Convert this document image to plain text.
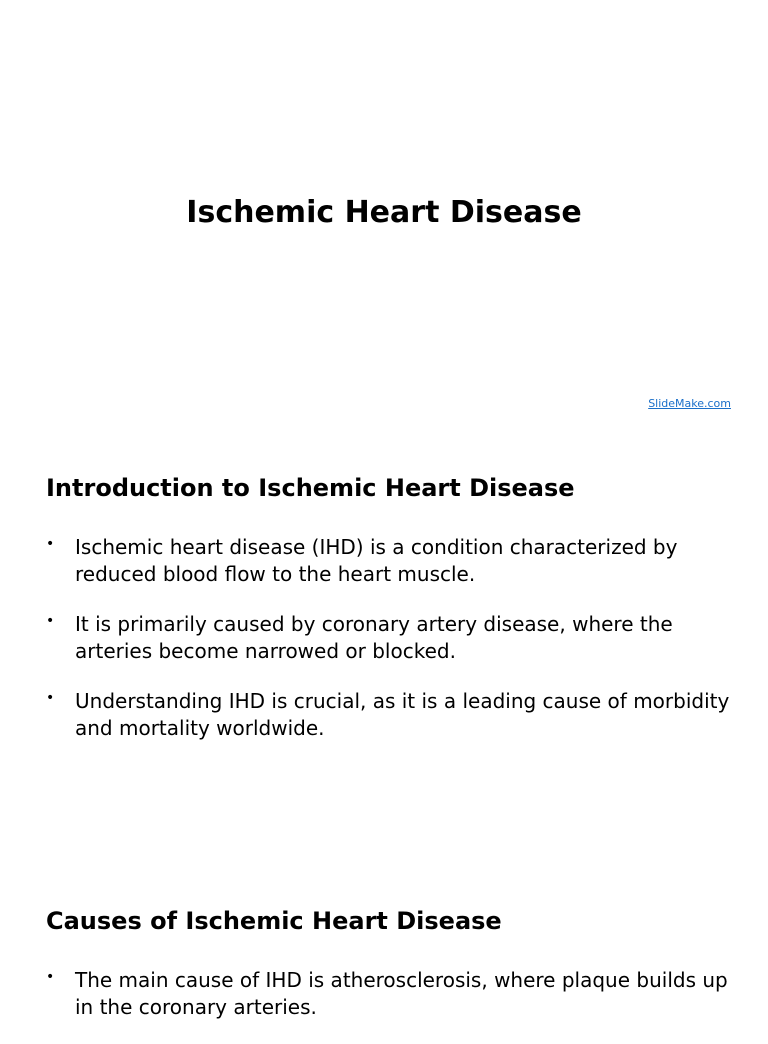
Ischemic Heart Disease
SlideMake.com
Introduction to Ischemic Heart Disease
• Ischemic heart disease (IHD) is a condition characterized by reduced blood flow to the heart muscle.
• It is primarily caused by coronary artery disease, where the arteries become narrowed or blocked.
• Understanding IHD is crucial, as it is a leading cause of morbidity and mortality worldwide.
Causes of Ischemic Heart Disease
• The main cause of IHD is atherosclerosis, where plaque builds up in the coronary arteries.
